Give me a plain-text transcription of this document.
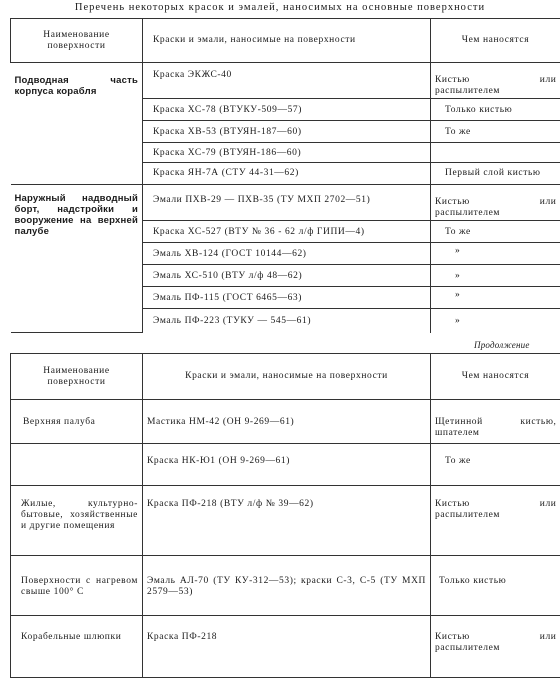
Перечень некоторых красок и эмалей, наносимых на основные поверхности
Наименование поверхности	Краски и эмали, наносимые на поверхности	Чем наносятся
Подводная часть корпуса корабля	Краска ЭКЖС-40	Кистью или распылителем
	Краска ХС-78 (ВТУКУ-509—57)	Только кистью
	Краска ХВ-53 (ВТУЯН-187—60)	То же
	Краска ХС-79 (ВТУЯН-186—60)	
	Краска ЯН-7А (СТУ 44-31—62)	Первый слой кистью
Наружный надводный борт, надстройки и вооружение на верхней палубе	Эмали ПХВ-29 — ПХВ-35 (ТУ МХП 2702—51)	Кистью или распылителем
	Краска ХС-527 (ВТУ № 36 - 62 л/ф ГИПИ—4)	То же
	Эмаль ХВ-124 (ГОСТ 10144—62)	»
	Эмаль ХС-510 (ВТУ л/ф 48—62)	»
	Эмаль ПФ-115 (ГОСТ 6465—63)	»
	Эмаль ПФ-223 (ТУКУ — 545—61)	»
Продолжение
Наименование поверхности	Краски и эмали, наносимые на поверхности	Чем наносятся
Верхняя палуба	Мастика НМ-42 (ОН 9-269—61)	Щетинной кистью, шпателем
	Краска НК-Ю1 (ОН 9-269—61)	То же
Жилые, культурно-бытовые, хозяйственные и другие помещения	Краска ПФ-218 (ВТУ л/ф № 39—62)	Кистью или распылителем
Поверхности с нагревом свыше 100° С	Эмаль АЛ-70 (ТУ КУ-312—53); краски С-3, С-5 (ТУ МХП 2579—53)	Только кистью
Корабельные шлюпки	Краска ПФ-218	Кистью или распылителем
